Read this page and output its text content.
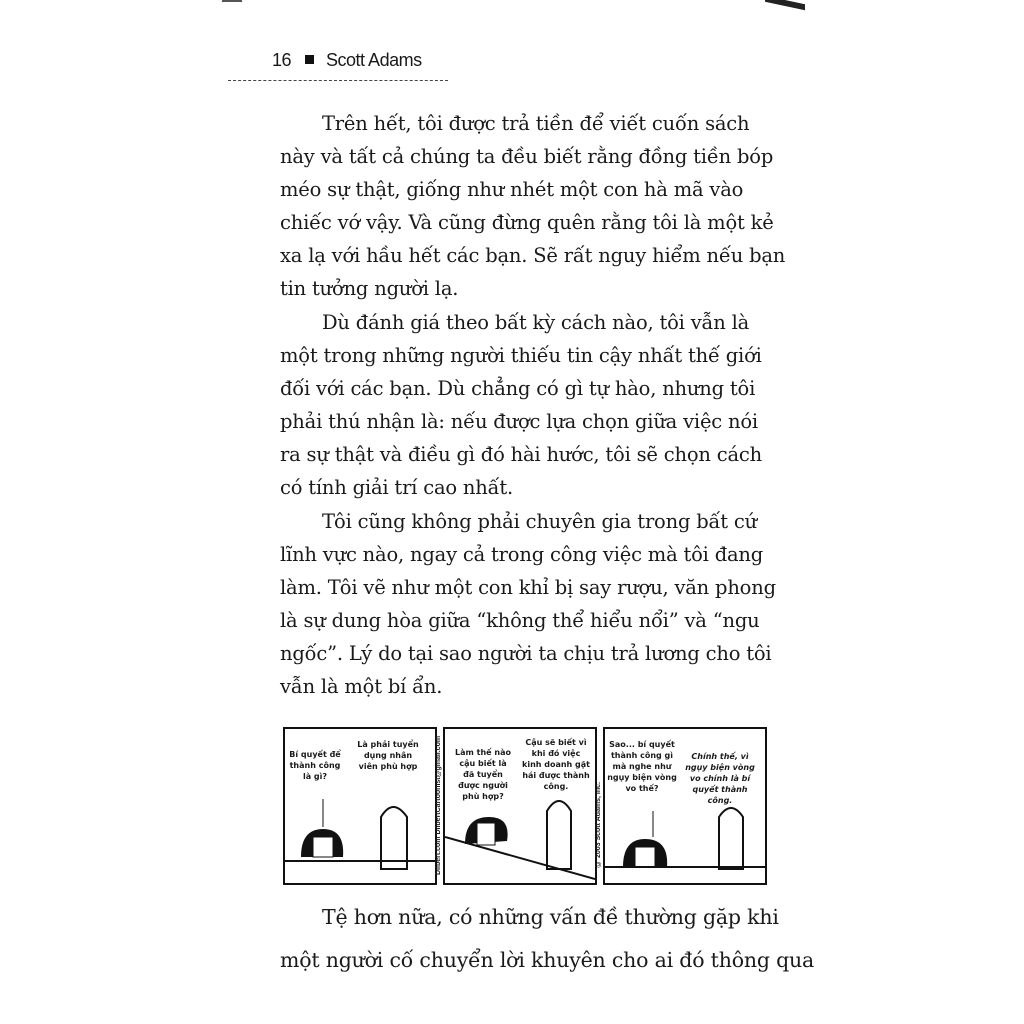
16 Scott Adams
Trên hết, tôi được trả tiền để viết cuốn sách
này và tất cả chúng ta đều biết rằng đồng tiền bóp
méo sự thật, giống như nhét một con hà mã vào
chiếc vớ vậy. Và cũng đừng quên rằng tôi là một kẻ
xa lạ với hầu hết các bạn. Sẽ rất nguy hiểm nếu bạn
tin tưởng người lạ.
Dù đánh giá theo bất kỳ cách nào, tôi vẫn là
một trong những người thiếu tin cậy nhất thế giới
đối với các bạn. Dù chẳng có gì tự hào, nhưng tôi
phải thú nhận là: nếu được lựa chọn giữa việc nói
ra sự thật và điều gì đó hài hước, tôi sẽ chọn cách
có tính giải trí cao nhất.
Tôi cũng không phải chuyên gia trong bất cứ
lĩnh vực nào, ngay cả trong công việc mà tôi đang
làm. Tôi vẽ như một con khỉ bị say rượu, văn phong
là sự dung hòa giữa “không thể hiểu nổi” và “ngu
ngốc”. Lý do tại sao người ta chịu trả lương cho tôi
vẫn là một bí ẩn.
Tệ hơn nữa, có những vấn đề thường gặp khi
một người cố chuyển lời khuyên cho ai đó thông qua
Bí quyết để thành công là gì?
Là phải tuyển dụng nhân viên phù hợp	Dilbert.com DilbertCartoonist@gmail.com Làm thế nào cậu biết là đã tuyển được người phù hợp?
Cậu sẽ biết vì khi đó việc kinh doanh gặt hái được thành công.	© 2003 Scott Adams, Inc.
Sao... bí quyết thành công gì mà nghe như ngụy biện vòng vo thế?
Chính thế, vì ngụy biện vòng vo chính là bí quyết thành công.
